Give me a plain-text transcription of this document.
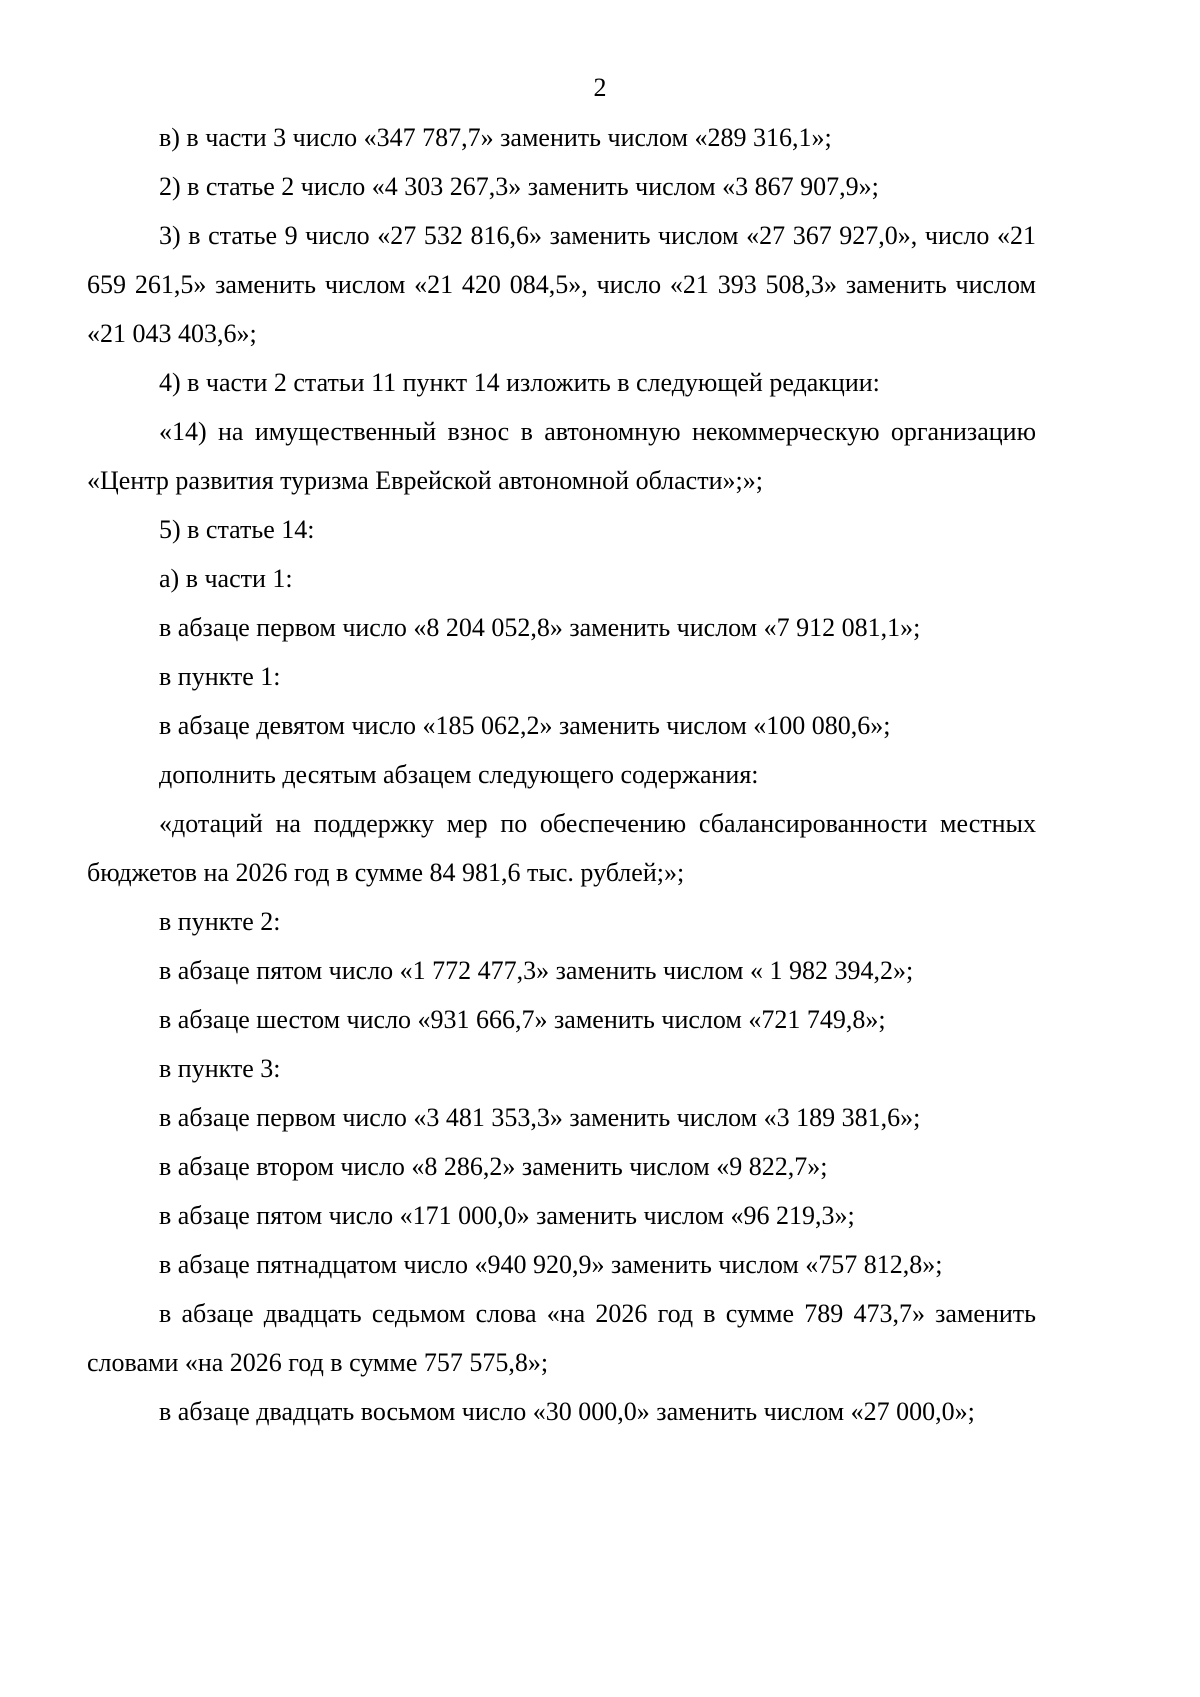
2

в) в части 3 число «347 787,7» заменить числом «289 316,1»;

2) в статье 2 число «4 303 267,3» заменить числом «3 867 907,9»;

3) в статье 9 число «27 532 816,6» заменить числом «27 367 927,0», число «21 659 261,5» заменить числом «21 420 084,5», число «21 393 508,3» заменить числом «21 043 403,6»;

4) в части 2 статьи 11 пункт 14 изложить в следующей редакции:

«14) на имущественный взнос в автономную некоммерческую организацию «Центр развития туризма Еврейской автономной области»;»;

5) в статье 14:

а) в части 1:

в абзаце первом число «8 204 052,8» заменить числом «7 912 081,1»;

в пункте 1:

в абзаце девятом число «185 062,2» заменить числом «100 080,6»;

дополнить десятым абзацем следующего содержания:

«дотаций на поддержку мер по обеспечению сбалансированности местных бюджетов на 2026 год в сумме 84 981,6 тыс. рублей;»;

в пункте 2:

в абзаце пятом число «1 772 477,3» заменить числом « 1 982 394,2»;

в абзаце шестом число «931 666,7» заменить числом «721 749,8»;

в пункте 3:

в абзаце первом число «3 481 353,3» заменить числом «3 189 381,6»;

в абзаце втором число «8 286,2» заменить числом «9 822,7»;

в абзаце пятом число «171 000,0» заменить числом «96 219,3»;

в абзаце пятнадцатом число «940 920,9» заменить числом «757 812,8»;

в абзаце двадцать седьмом слова «на 2026 год в сумме 789 473,7» заменить словами «на 2026 год в сумме 757 575,8»;

в абзаце двадцать восьмом число «30 000,0» заменить числом «27 000,0»;
